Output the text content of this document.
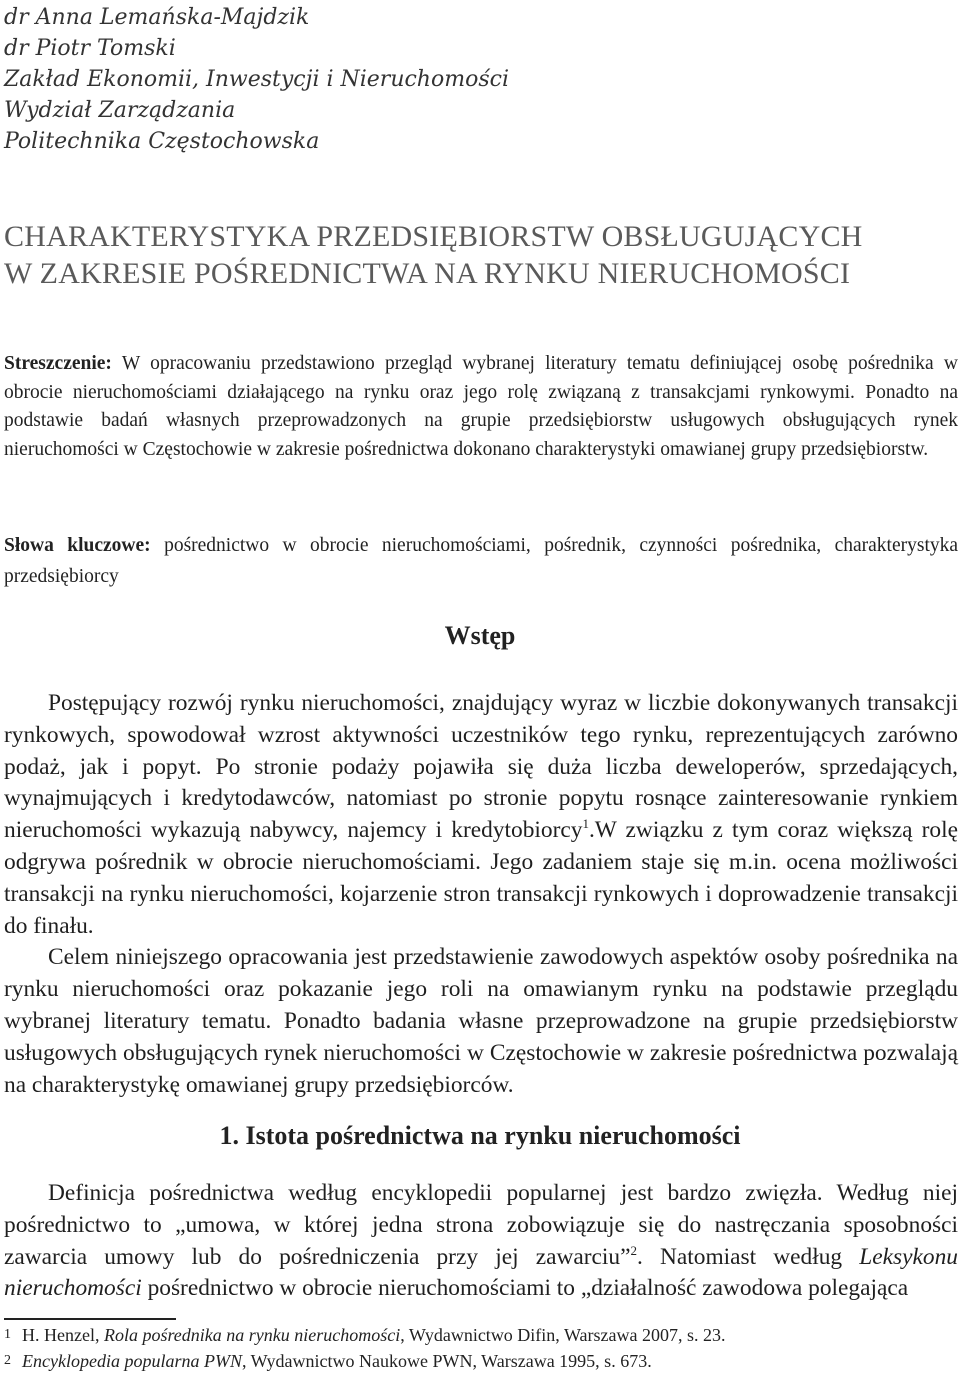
dr Anna Lemańska-Majdzik
dr Piotr Tomski
Zakład Ekonomii, Inwestycji i Nieruchomości
Wydział Zarządzania
Politechnika Częstochowska
CHARAKTERYSTYKA PRZEDSIĘBIORSTW OBSŁUGUJĄCYCH
W ZAKRESIE POŚREDNICTWA NA RYNKU NIERUCHOMOŚCI
Streszczenie: W opracowaniu przedstawiono przegląd wybranej literatury tematu definiującej osobę pośrednika w obrocie nieruchomościami działającego na rynku oraz jego rolę związaną z transakcjami rynkowymi. Ponadto na podstawie badań własnych przeprowadzonych na grupie przedsiębiorstw usługowych obsługujących rynek nieruchomości w Częstochowie w zakresie pośrednictwa dokonano charakterystyki omawianej grupy przedsiębiorstw.
Słowa kluczowe: pośrednictwo w obrocie nieruchomościami, pośrednik, czynności pośrednika, charakterystyka przedsiębiorcy
Wstęp

Postępujący rozwój rynku nieruchomości, znajdujący wyraz w liczbie dokonywanych transakcji rynkowych, spowodował wzrost aktywności uczestników tego rynku, reprezentujących zarówno podaż, jak i popyt. Po stronie podaży pojawiła się duża liczba deweloperów, sprzedających, wynajmujących i kredytodawców, natomiast po stronie popytu rosnące zainteresowanie rynkiem nieruchomości wykazują nabywcy, najemcy i kredytobiorcy$^1$.W związku z tym coraz większą rolę odgrywa pośrednik w obrocie nieruchomościami. Jego zadaniem staje się m.in. ocena możliwości transakcji na rynku nieruchomości, kojarzenie stron transakcji rynkowych i doprowadzenie transakcji do finału.

Celem niniejszego opracowania jest przedstawienie zawodowych aspektów osoby pośrednika na rynku nieruchomości oraz pokazanie jego roli na omawianym rynku na podstawie przeglądu wybranej literatury tematu. Ponadto badania własne przeprowadzone na grupie przedsiębiorstw usługowych obsługujących rynek nieruchomości w Częstochowie w zakresie pośrednictwa pozwalają na charakterystykę omawianej grupy przedsiębiorców.

1. Istota pośrednictwa na rynku nieruchomości

Definicja pośrednictwa według encyklopedii popularnej jest bardzo zwięzła. Według niej pośrednictwo to „umowa, w której jedna strona zobowiązuje się do nastręczania sposobności zawarcia umowy lub do pośredniczenia przy jej zawarciu”$^2$. Natomiast według Leksykonu nieruchomości pośrednictwo w obrocie nieruchomościami to „działalność zawodowa polegająca

1 H. Henzel, Rola pośrednika na rynku nieruchomości, Wydawnictwo Difin, Warszawa 2007, s. 23.
2 Encyklopedia popularna PWN, Wydawnictwo Naukowe PWN, Warszawa 1995, s. 673.
